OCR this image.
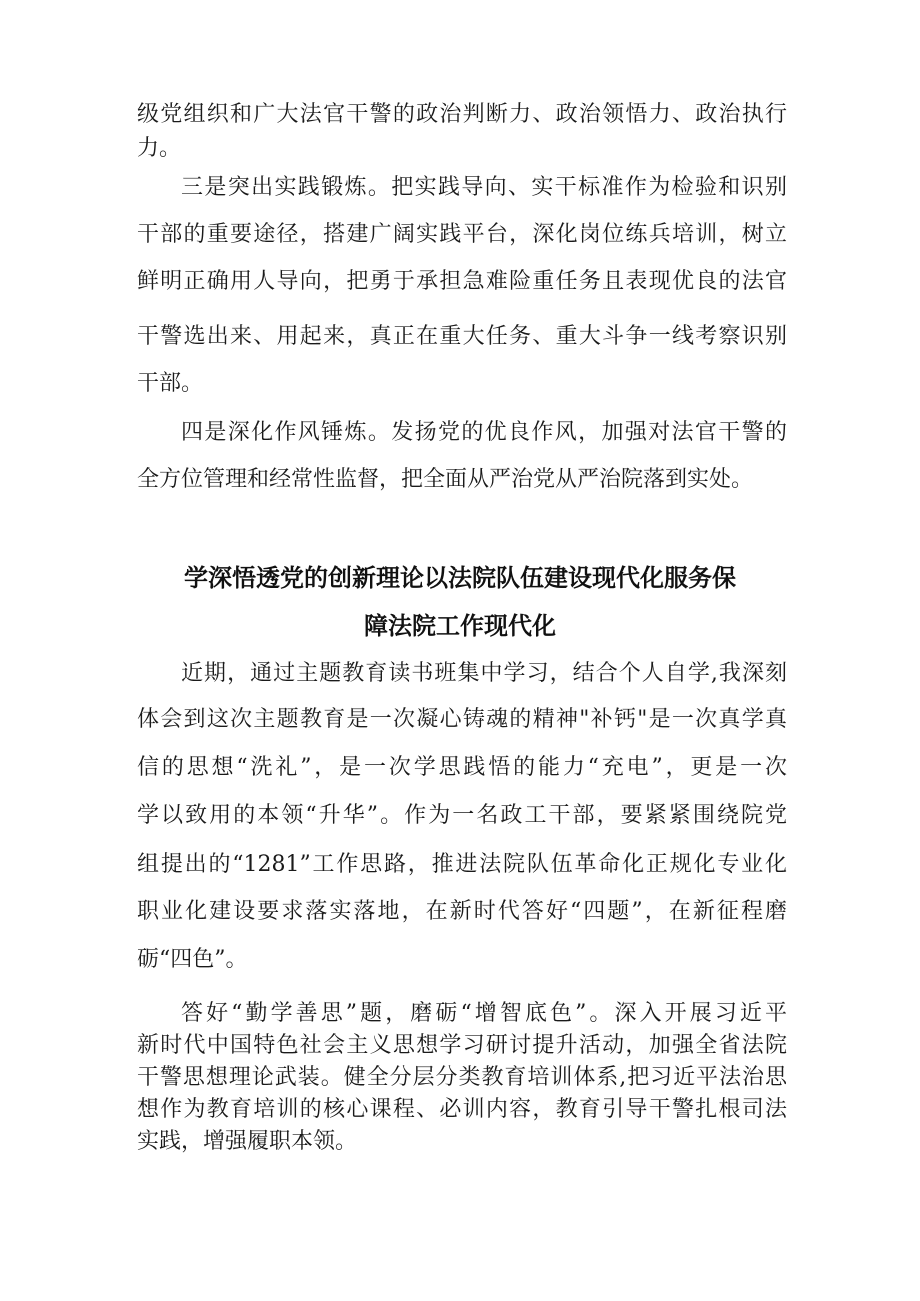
级党组织和广大法官干警的政治判断力、政治领悟力、政治执行
力。
三是突出实践锻炼。把实践导向、实干标准作为检验和识别
干部的重要途径，搭建广阔实践平台，深化岗位练兵培训，树立
鲜明正确用人导向，把勇于承担急难险重任务且表现优良的法官
干警选出来、用起来，真正在重大任务、重大斗争一线考察识别
干部。
四是深化作风锤炼。发扬党的优良作风，加强对法官干警的
全方位管理和经常性监督，把全面从严治党从严治院落到实处。
学深悟透党的创新理论以法院队伍建设现代化服务保
障法院工作现代化
近期，通过主题教育读书班集中学习，结合个人自学,我深刻
体会到这次主题教育是一次凝心铸魂的精神"补钙"是一次真学真
信的思想“洗礼”，是一次学思践悟的能力“充电”，更是一次
学以致用的本领“升华”。作为一名政工干部，要紧紧围绕院党
组提出的“1281”工作思路，推进法院队伍革命化正规化专业化
职业化建设要求落实落地，在新时代答好“四题”，在新征程磨
砺“四色”。
答好“勤学善思”题，磨砺“增智底色”。深入开展习近平
新时代中国特色社会主义思想学习研讨提升活动，加强全省法院
干警思想理论武装。健全分层分类教育培训体系,把习近平法治思
想作为教育培训的核心课程、必训内容，教育引导干警扎根司法
实践，增强履职本领。
